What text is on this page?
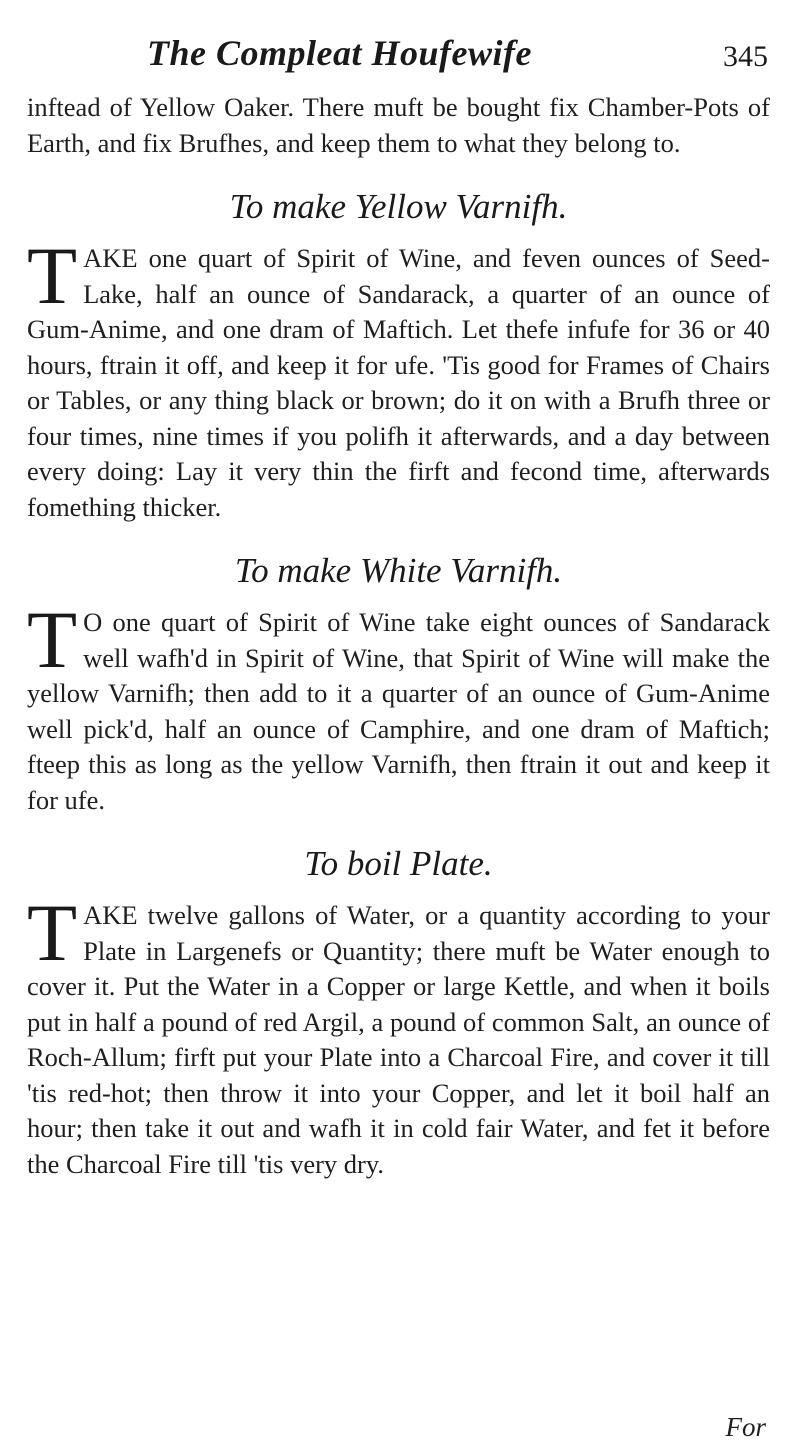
The Compleat Houfewife	345

inftead of Yellow Oaker. There muft be bought fix Chamber-Pots of Earth, and fix Brufhes, and keep them to what they belong to.

To make Yellow Varnifh.

TAKE one quart of Spirit of Wine, and feven ounces of Seed-Lake, half an ounce of Sandarack, a quarter of an ounce of Gum-Anime, and one dram of Maftich. Let thefe infufe for 36 or 40 hours, ftrain it off, and keep it for ufe. 'Tis good for Frames of Chairs or Tables, or any thing black or brown; do it on with a Brufh three or four times, nine times if you polifh it afterwards, and a day between every doing: Lay it very thin the firft and fecond time, afterwards fomething thicker.

To make White Varnifh.

T O one quart of Spirit of Wine take eight ounces of Sandarack well wafh'd in Spirit of Wine, that Spirit of Wine will make the yellow Varnifh; then add to it a quarter of an ounce of Gum-Anime well pick'd, half an ounce of Camphire, and one dram of Maftich; fteep this as long as the yellow Varnifh, then ftrain it out and keep it for ufe.

To boil Plate.

TAKE twelve gallons of Water, or a quantity according to your Plate in Largenefs or Quantity; there muft be Water enough to cover it. Put the Water in a Copper or large Kettle, and when it boils put in half a pound of red Argil, a pound of common Salt, an ounce of Roch-Allum; firft put your Plate into a Charcoal Fire, and cover it till 'tis red-hot; then throw it into your Copper, and let it boil half an hour; then take it out and wafh it in cold fair Water, and fet it before the Charcoal Fire till 'tis very dry.

For
